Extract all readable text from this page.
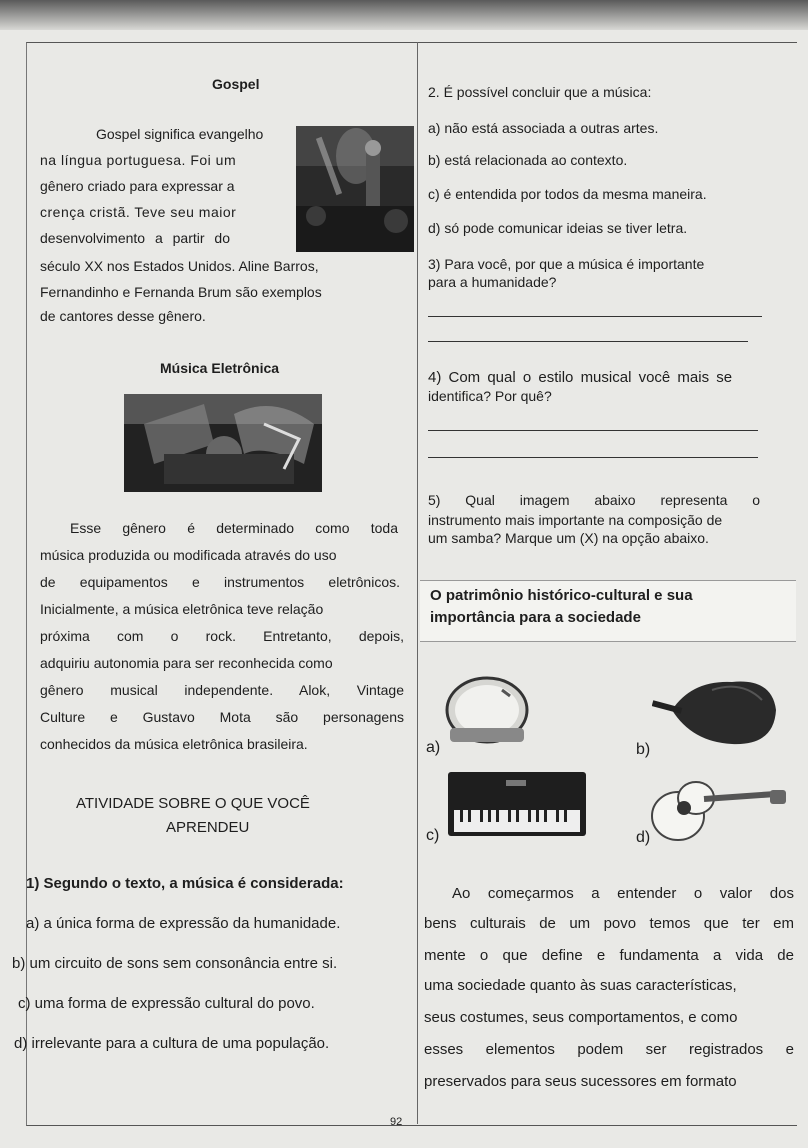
Gospel
Gospel significa evangelho
na língua portuguesa. Foi um
gênero criado para expressar a
crença cristã. Teve seu maior
desenvolvimento a partir do
século XX nos Estados Unidos. Aline Barros,
Fernandinho e Fernanda Brum são exemplos
de cantores desse gênero.
Música Eletrônica
Esse gênero é determinado como toda
música produzida ou modificada através do uso
de equipamentos e instrumentos eletrônicos.
Inicialmente, a música eletrônica teve relação
próxima com o rock. Entretanto, depois,
adquiriu autonomia para ser reconhecida como
gênero musical independente. Alok, Vintage
Culture e Gustavo Mota são personagens
conhecidos da música eletrônica brasileira.
ATIVIDADE SOBRE O QUE VOCÊ
APRENDEU
1) Segundo o texto, a música é considerada:
a) a única forma de expressão da humanidade.
b) um circuito de sons sem consonância entre si.
c) uma forma de expressão cultural do povo.
d) irrelevante para a cultura de uma população.
2. É possível concluir que a música:
a) não está associada a outras artes.
b) está relacionada ao contexto.
c) é entendida por todos da mesma maneira.
d) só pode comunicar ideias se tiver letra.
3) Para você, por que a música é importante
para a humanidade?
4) Com qual o estilo musical você mais se
identifica? Por quê?
5) Qual imagem abaixo representa o
instrumento mais importante na composição de
um samba? Marque um (X) na opção abaixo.
O patrimônio histórico-cultural e sua
importância para a sociedade
a)	b)
c)	d)
Ao começarmos a entender o valor dos
bens culturais de um povo temos que ter em
mente o que define e fundamenta a vida de
uma sociedade quanto às suas características,
seus costumes, seus comportamentos, e como
esses elementos podem ser registrados e
preservados para seus sucessores em formato
92
